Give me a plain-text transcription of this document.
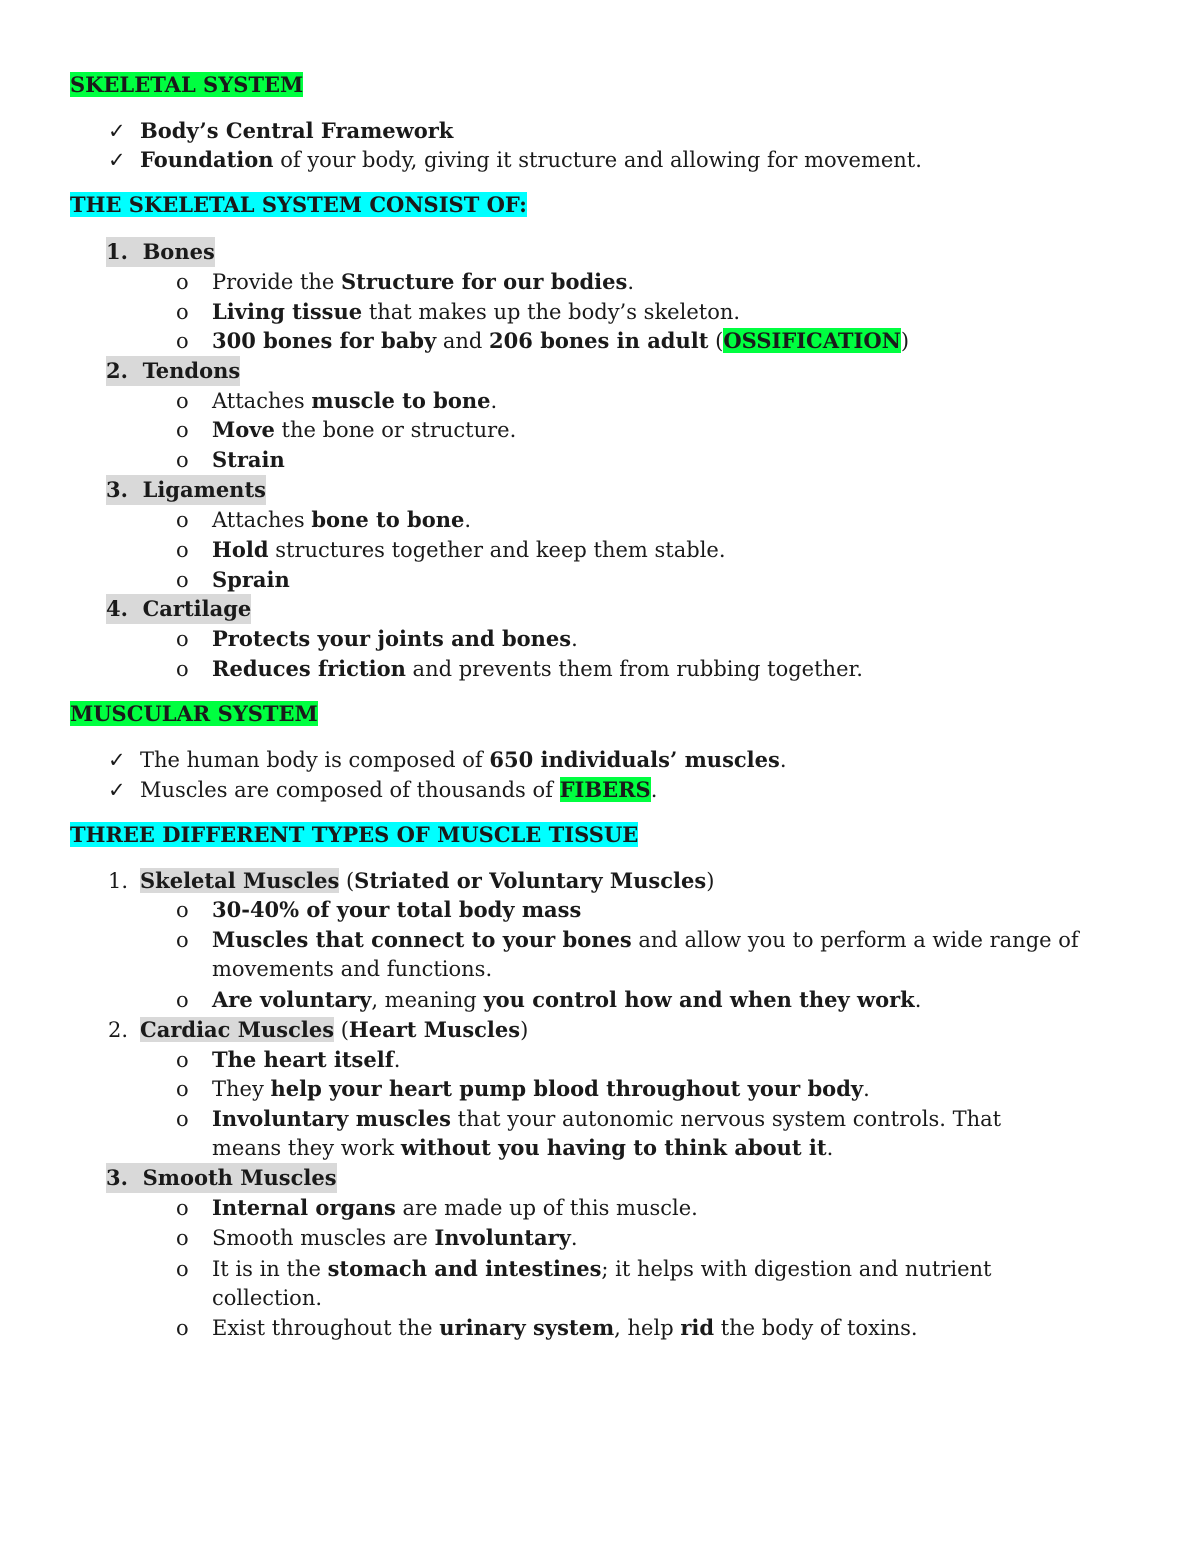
SKELETAL SYSTEM
✓ Body’s Central Framework
✓ Foundation of your body, giving it structure and allowing for movement.
THE SKELETAL SYSTEM CONSIST OF:
1. Bones
o Provide the Structure for our bodies.
o Living tissue that makes up the body’s skeleton.
o 300 bones for baby and 206 bones in adult (OSSIFICATION)
2. Tendons
o Attaches muscle to bone.
o Move the bone or structure.
o Strain
3. Ligaments
o Attaches bone to bone.
o Hold structures together and keep them stable.
o Sprain
4. Cartilage
o Protects your joints and bones.
o Reduces friction and prevents them from rubbing together.
MUSCULAR SYSTEM
✓ The human body is composed of 650 individuals’ muscles.
✓ Muscles are composed of thousands of FIBERS.
THREE DIFFERENT TYPES OF MUSCLE TISSUE
1. Skeletal Muscles (Striated or Voluntary Muscles)
o 30-40% of your total body mass
o Muscles that connect to your bones and allow you to perform a wide range of
movements and functions.
o Are voluntary, meaning you control how and when they work.
2. Cardiac Muscles (Heart Muscles)
o The heart itself.
o They help your heart pump blood throughout your body.
o Involuntary muscles that your autonomic nervous system controls. That
means they work without you having to think about it.
3. Smooth Muscles
o Internal organs are made up of this muscle.
o Smooth muscles are Involuntary.
o It is in the stomach and intestines; it helps with digestion and nutrient
collection.
o Exist throughout the urinary system, help rid the body of toxins.
